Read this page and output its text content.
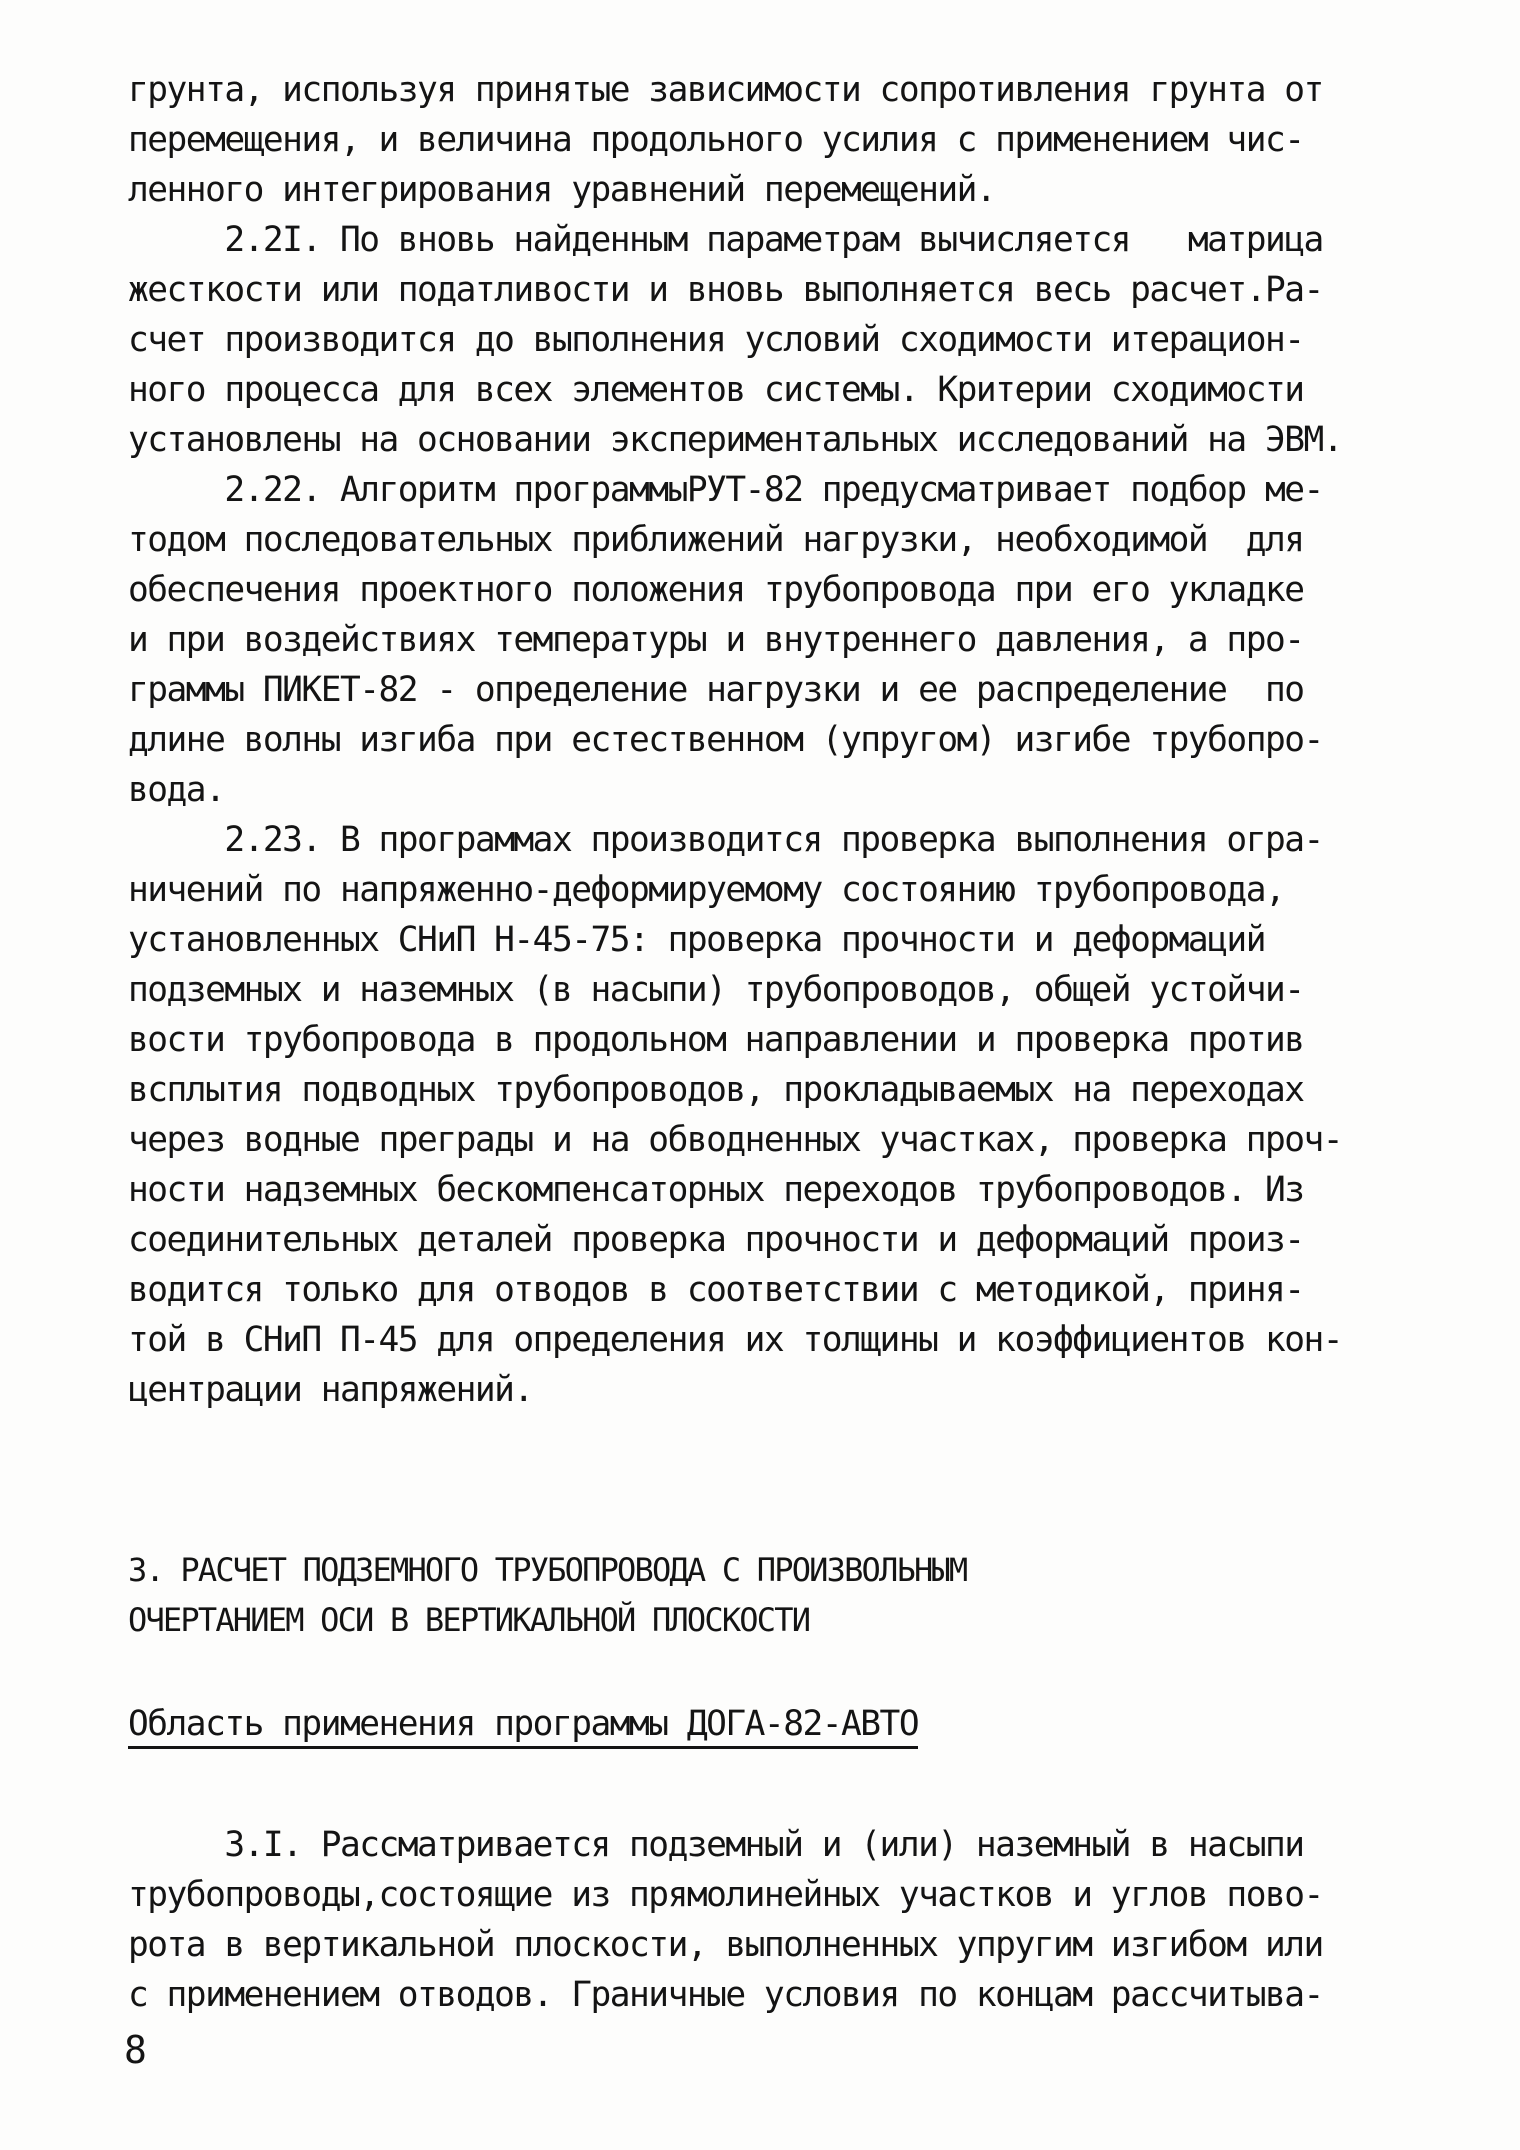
грунта, используя принятые зависимости сопротивления грунта от
перемещения, и величина продольного усилия с применением чис-
ленного интегрирования уравнений перемещений.
2.2I. По вновь найденным параметрам вычисляется   матрица
жесткости или податливости и вновь выполняется весь расчет.Ра-
счет производится до выполнения условий сходимости итерацион-
ного процесса для всех элементов системы. Критерии сходимости
установлены на основании экспериментальных исследований на ЭВМ.
2.22. Алгоритм программыРУТ-82 предусматривает подбор ме-
тодом последовательных приближений нагрузки, необходимой  для
обеспечения проектного положения трубопровода при его укладке
и при воздействиях температуры и внутреннего давления, а про-
граммы ПИКЕТ-82 - определение нагрузки и ее распределение  по
длине волны изгиба при естественном (упругом) изгибе трубопро-
вода.
2.23. В программах производится проверка выполнения огра-
ничений по напряженно-деформируемому состоянию трубопровода,
установленных СНиП Н-45-75: проверка прочности и деформаций
подземных и наземных (в насыпи) трубопроводов, общей устойчи-
вости трубопровода в продольном направлении и проверка против
всплытия подводных трубопроводов, прокладываемых на переходах
через водные преграды и на обводненных участках, проверка проч-
ности надземных бескомпенсаторных переходов трубопроводов. Из
соединительных деталей проверка прочности и деформаций произ-
водится только для отводов в соответствии с методикой, приня-
той в СНиП П-45 для определения их толщины и коэффициентов кон-
центрации напряжений.
3. РАСЧЕТ ПОДЗЕМНОГО ТРУБОПРОВОДА С ПРОИЗВОЛЬНЫМ
ОЧЕРТАНИЕМ ОСИ В ВЕРТИКАЛЬНОЙ ПЛОСКОСТИ
Область применения программы ДОГА-82-АВТО
3.I. Рассматривается подземный и (или) наземный в насыпи
трубопроводы,состоящие из прямолинейных участков и углов пово-
рота в вертикальной плоскости, выполненных упругим изгибом или
с применением отводов. Граничные условия по концам рассчитыва-
8
